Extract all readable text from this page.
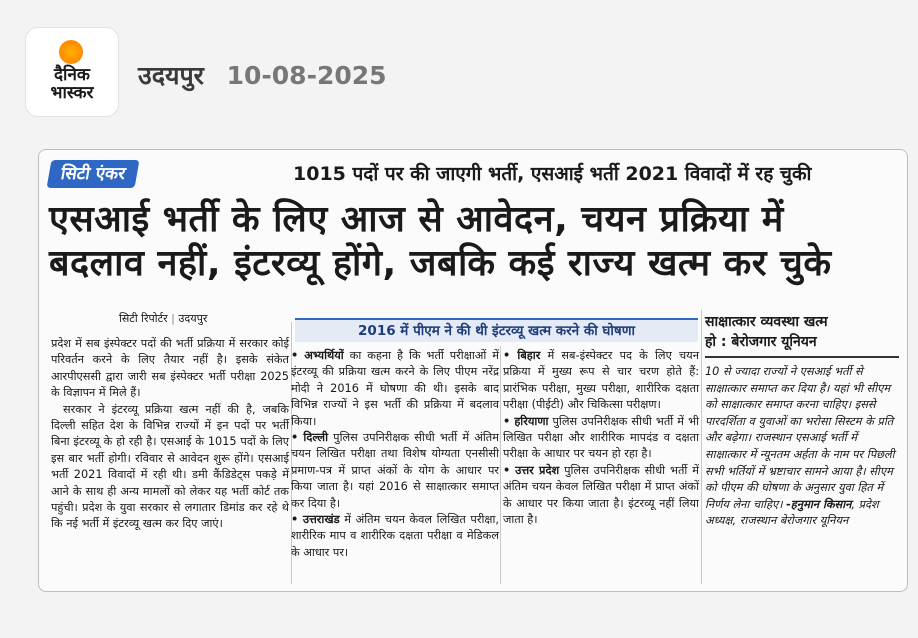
दैनिक
भास्कर
उदयपुर 10-08-2025
सिटी एंकर	1015 पदों पर की जाएगी भर्ती, एसआई भर्ती 2021 विवादों में रह चुकी
एसआई भर्ती के लिए आज से आवेदन, चयन प्रक्रिया में
बदलाव नहीं, इंटरव्यू होंगे, जबकि कई राज्य खत्म कर चुके
सिटी रिपोर्टर | उदयपुर

प्रदेश में सब इंस्पेक्टर पदों की भर्ती प्रक्रिया में सरकार कोई परिवर्तन करने के लिए तैयार नहीं है। इसके संकेत आरपीएससी द्वारा जारी सब इंस्पेक्टर भर्ती परीक्षा 2025 के विज्ञापन में मिले हैं।

सरकार ने इंटरव्यू प्रक्रिया खत्म नहीं की है, जबकि दिल्ली सहित देश के विभिन्न राज्यों में इन पदों पर भर्ती बिना इंटरव्यू के हो रही है। एसआई के 1015 पदों के लिए इस बार भर्ती होगी। रविवार से आवेदन शुरू होंगे। एसआई भर्ती 2021 विवादों में रही थी। डमी कैंडिडेट्स पकड़े में आने के साथ ही अन्य मामलों को लेकर यह भर्ती कोर्ट तक पहुंची। प्रदेश के युवा सरकार से लगातार डिमांड कर रहे थे कि नई भर्ती में इंटरव्यू खत्म कर दिए जाएं।

2016 में पीएम ने की थी इंटरव्यू खत्म करने की घोषणा

• अभ्यर्थियों का कहना है कि भर्ती परीक्षाओं में इंटरव्यू की प्रक्रिया खत्म करने के लिए पीएम नरेंद्र मोदी ने 2016 में घोषणा की थी। इसके बाद विभिन्न राज्यों ने इस भर्ती की प्रक्रिया में बदलाव किया।

• दिल्ली पुलिस उपनिरीक्षक सीधी भर्ती में अंतिम चयन लिखित परीक्षा तथा विशेष योग्यता एनसीसी प्रमाण-पत्र में प्राप्त अंकों के योग के आधार पर किया जाता है। यहां 2016 से साक्षात्कार समाप्त कर दिया है।

• उत्तराखंड में अंतिम चयन केवल लिखित परीक्षा, शारीरिक माप व शारीरिक दक्षता परीक्षा व मेडिकल के आधार पर।

• बिहार में सब-इंस्पेक्टर पद के लिए चयन प्रक्रिया में मुख्य रूप से चार चरण होते हैं: प्रारंभिक परीक्षा, मुख्य परीक्षा, शारीरिक दक्षता परीक्षा (पीईटी) और चिकित्सा परीक्षण।

• हरियाणा पुलिस उपनिरीक्षक सीधी भर्ती में भी लिखित परीक्षा और शारीरिक मापदंड व दक्षता परीक्षा के आधार पर चयन हो रहा है।

• उत्तर प्रदेश पुलिस उपनिरीक्षक सीधी भर्ती में अंतिम चयन केवल लिखित परीक्षा में प्राप्त अंकों के आधार पर किया जाता है। इंटरव्यू नहीं लिया जाता है।

साक्षात्कार व्यवस्था खत्म
हो : बेरोजगार यूनियन
10 से ज्यादा राज्यों ने एसआई भर्ती से साक्षात्कार समाप्त कर दिया है। यहां भी सीएम को साक्षात्कार समाप्त करना चाहिए। इससे पारदर्शिता व युवाओं का भरोसा सिस्टम के प्रति और बढ़ेगा। राजस्थान एसआई भर्ती में साक्षात्कार में न्यूनतम अर्हता के नाम पर पिछली सभी भर्तियों में भ्रष्टाचार सामने आया है। सीएम को पीएम की घोषणा के अनुसार युवा हित में निर्णय लेना चाहिए। -हनुमान किसान, प्रदेश अध्यक्ष, राजस्थान बेरोजगार यूनियन
